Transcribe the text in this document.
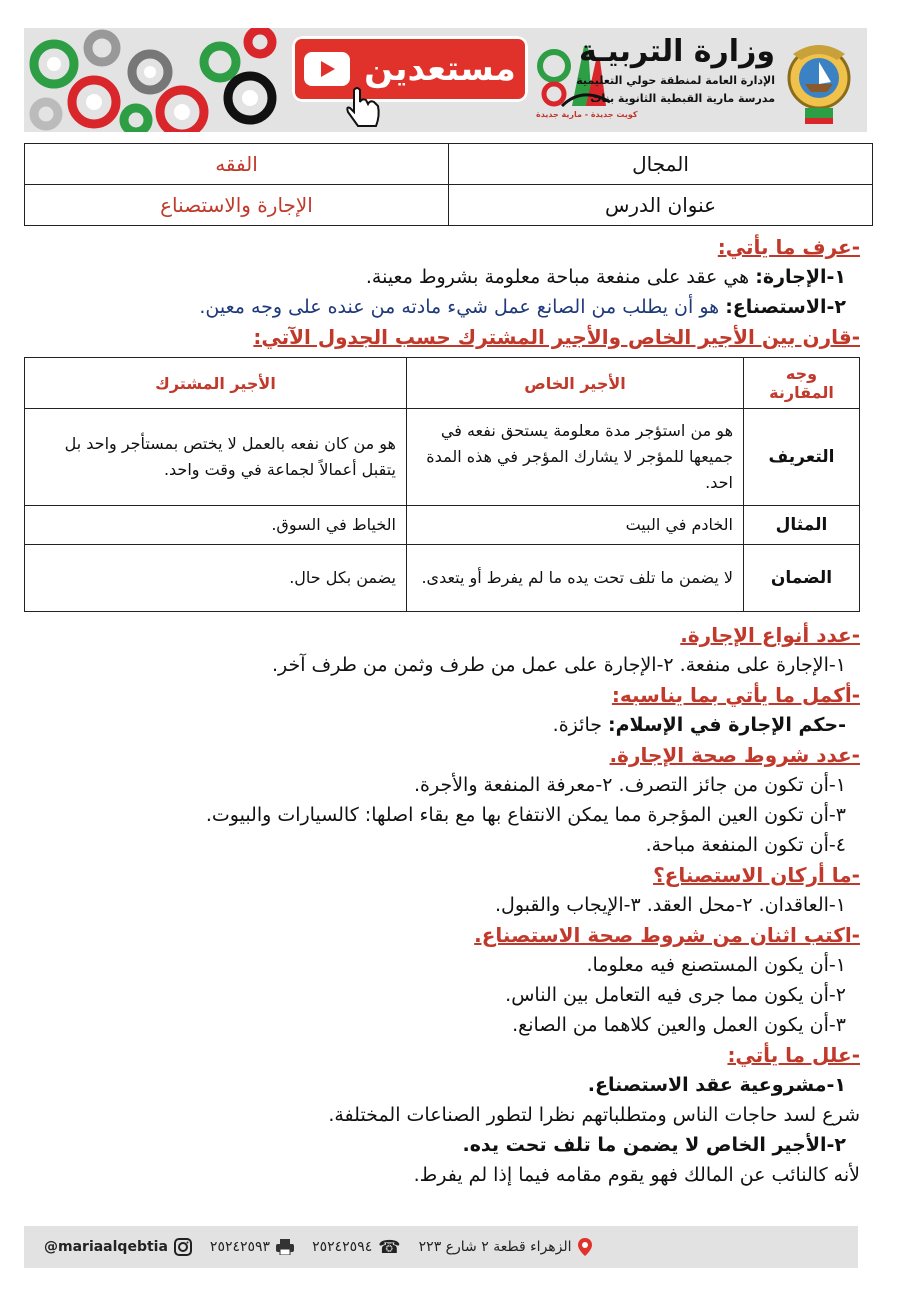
مستعدين
كويت جديدة - مارية جديدة
وزارة التربيـة
الإدارة العامة لمنطقة حولي التعليمية
مدرسة مارية القبطية الثانوية بنات
المجال	الفقه
عنوان الدرس	الإجارة والاستصناع

-عرف ما يأتي:

١-الإجارة: هي عقد على منفعة مباحة معلومة بشروط معينة.

٢-الاستصناع: هو أن يطلب من الصانع عمل شيء مادته من عنده على وجه معين.

-قارن بين الأجير الخاص والأجير المشترك حسب الجدول الآتي:

وجه المقارنة	الأجير الخاص	الأجير المشترك
التعريف	هو من استؤجر مدة معلومة يستحق نفعه في جميعها للمؤجر لا يشارك المؤجر في هذه المدة احد.	هو من كان نفعه بالعمل لا يختص بمستأجر واحد بل يتقبل أعمالاً لجماعة في وقت واحد.
المثال	الخادم في البيت	الخياط في السوق.
الضمان	لا يضمن ما تلف تحت يده ما لم يفرط أو يتعدى.	يضمن بكل حال.

-عدد أنواع الإجارة.

١-الإجارة على منفعة. ٢-الإجارة على عمل من طرف وثمن من طرف آخر.

-أكمل ما يأتي بما يناسبه:

-حكم الإجارة في الإسلام: جائزة.

-عدد شروط صحة الإجارة.

١-أن تكون من جائز التصرف. ٢-معرفة المنفعة والأجرة.

٣-أن تكون العين المؤجرة مما يمكن الانتفاع بها مع بقاء اصلها: كالسيارات والبيوت.

٤-أن تكون المنفعة مباحة.

-ما أركان الاستصناع؟

١-العاقدان. ٢-محل العقد. ٣-الإيجاب والقبول.

-اكتب اثنان من شروط صحة الاستصناع.

١-أن يكون المستصنع فيه معلوما.

٢-أن يكون مما جرى فيه التعامل بين الناس.

٣-أن يكون العمل والعين كلاهما من الصانع.

-علل ما يأتي:

١-مشروعية عقد الاستصناع.

شرع لسد حاجات الناس ومتطلباتهم نظرا لتطور الصناعات المختلفة.

٢-الأجير الخاص لا يضمن ما تلف تحت يده.

لأنه كالنائب عن المالك فهو يقوم مقامه فيما إذا لم يفرط.

الزهراء قطعة ٢ شارع ٢٢٣
☎
٢٥٢٤٢٥٩٤
٢٥٢٤٢٥٩٣
@mariaalqebtia
